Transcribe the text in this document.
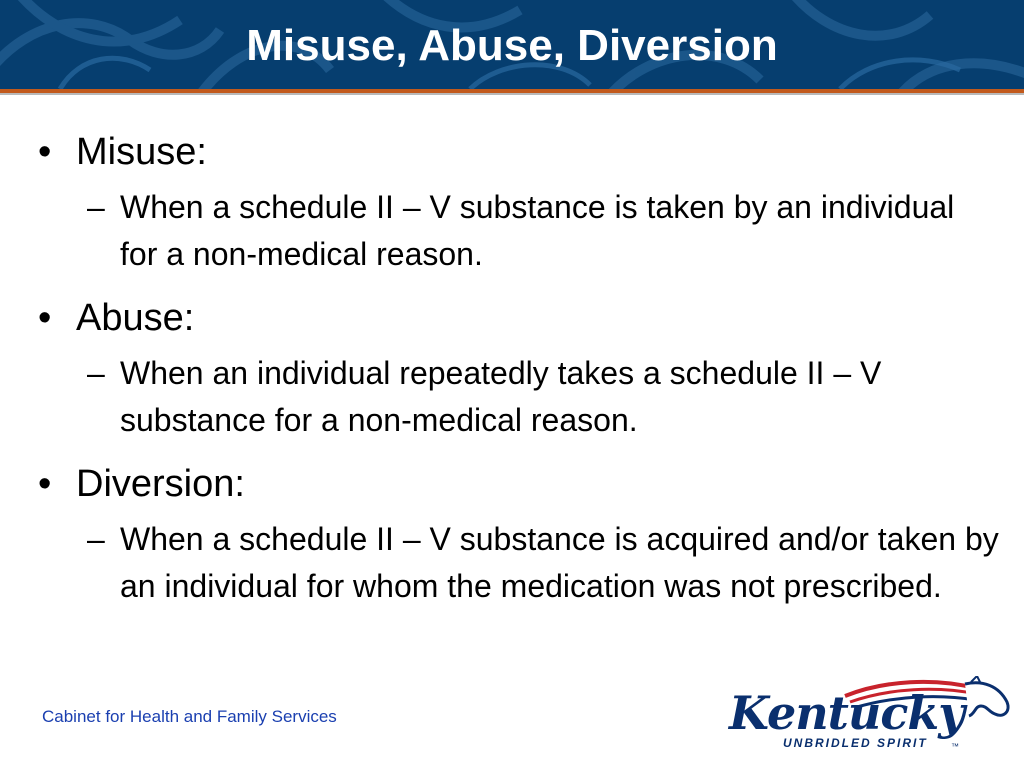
Misuse, Abuse, Diversion
• Misuse:
– When a schedule II – V substance is taken by an individual for a non-medical reason.
• Abuse:
– When an individual repeatedly takes a schedule II – V substance for a non-medical reason.
• Diversion:
– When a schedule II – V substance is acquired and/or taken by an individual for whom the medication was not prescribed.
Cabinet for Health and Family Services	Kentucky
UNBRIDLED SPIRIT	™
